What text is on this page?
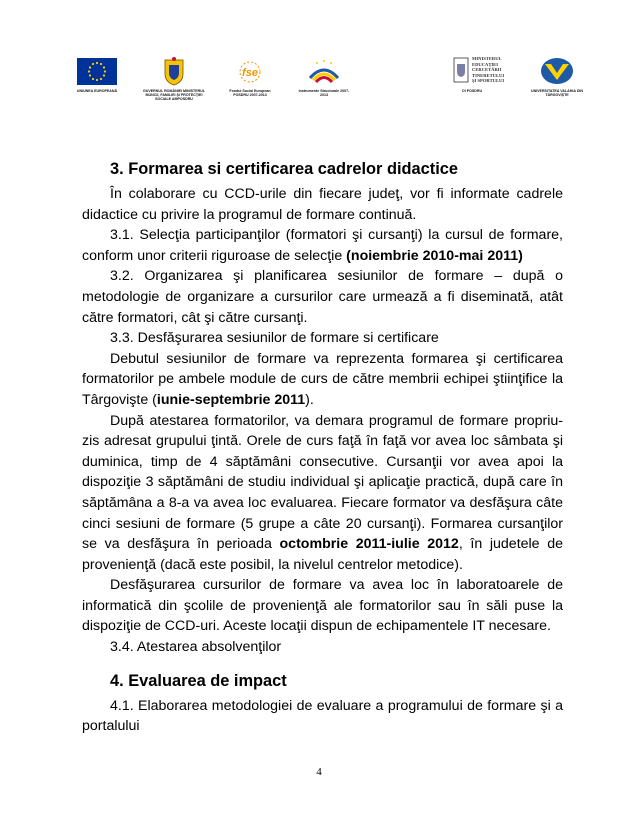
UNIUNEA EUROPEANĂ	GUVERNUL ROMÂNIEI MINISTERUL MUNCII, FAMILIEI ŞI PROTECŢIEI SOCIALE AMPOSDRU
fse
Fondul Social European POSDRU 2007-2013
Instrumente Structurale 2007-2013
MINISTERUL
EDUCAŢIEI
CERCETĂRII
TINERETULUI
ŞI SPORTULUI
OI POSDRU	UNIVERSITATEA VALAHIA DIN TÂRGOVIŞTE
3. Formarea si certificarea cadrelor didactice

În colaborare cu CCD-urile din fiecare judeţ, vor fi informate cadrele didactice cu privire la programul de formare continuă.

3.1. Selecţia participanţilor (formatori şi cursanţi) la cursul de formare, conform unor criterii riguroase de selecţie (noiembrie 2010-mai 2011)

3.2. Organizarea şi planificarea sesiunilor de formare – după o metodologie de organizare a cursurilor care urmează a fi diseminată, atât către formatori, cât şi către cursanţi.

3.3. Desfăşurarea sesiunilor de formare si certificare

Debutul sesiunilor de formare va reprezenta formarea şi certificarea formatorilor pe ambele module de curs de către membrii echipei ştiinţifice la Târgovişte (iunie-septembrie 2011).

După atestarea formatorilor, va demara programul de formare propriu-zis adresat grupului ţintă. Orele de curs faţă în faţă vor avea loc sâmbata şi duminica, timp de 4 săptămâni consecutive. Cursanţii vor avea apoi la dispoziţie 3 săptămâni de studiu individual şi aplicaţie practică, după care în săptămâna a 8-a va avea loc evaluarea. Fiecare formator va desfăşura câte cinci sesiuni de formare (5 grupe a câte 20 cursanţi). Formarea cursanţilor se va desfăşura în perioada octombrie 2011-iulie 2012, în judetele de provenienţă (dacă este posibil, la nivelul centrelor metodice).

Desfăşurarea cursurilor de formare va avea loc în laboratoarele de informatică din şcolile de provenienţă ale formatorilor sau în săli puse la dispoziţie de CCD-uri. Aceste locaţii dispun de echipamentele IT necesare.

3.4. Atestarea absolvenţilor

4. Evaluarea de impact

4.1. Elaborarea metodologiei de evaluare a programului de formare şi a portalului

4
